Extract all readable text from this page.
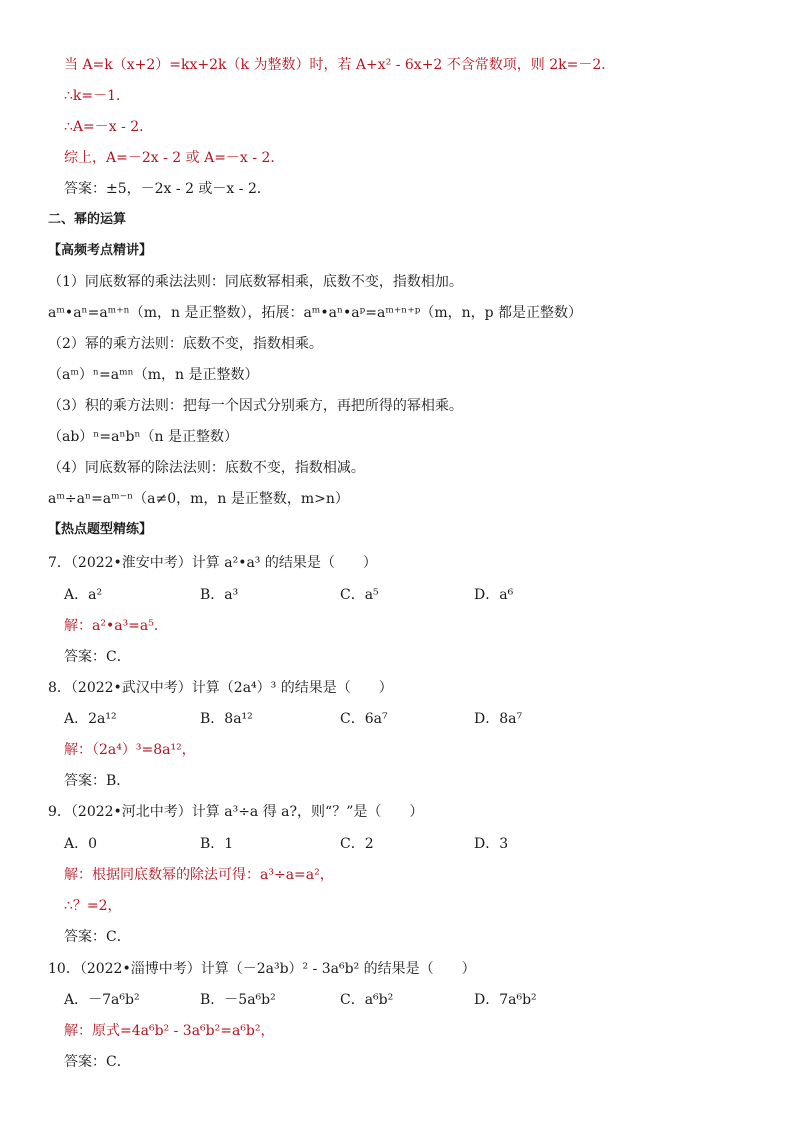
当 A=k（x+2）=kx+2k（k 为整数）时，若 A+x² - 6x+2 不含常数项，则 2k=－2．
∴k=－1．
∴A=－x - 2．
综上，A=－2x - 2 或 A=－x - 2．
答案：±5，－2x - 2 或－x - 2．
二、幂的运算
【高频考点精讲】
（1）同底数幂的乘法法则：同底数幂相乘，底数不变，指数相加。
aᵐ•aⁿ=aᵐ⁺ⁿ（m，n 是正整数），拓展：aᵐ•aⁿ•aᵖ=aᵐ⁺ⁿ⁺ᵖ（m，n，p 都是正整数）
（2）幂的乘方法则：底数不变，指数相乘。
（aᵐ）ⁿ=aᵐⁿ（m，n 是正整数）
（3）积的乘方法则：把每一个因式分别乘方，再把所得的幂相乘。
（ab）ⁿ=aⁿbⁿ（n 是正整数）
（4）同底数幂的除法法则：底数不变，指数相减。
aᵐ÷aⁿ=aᵐ⁻ⁿ（a≠0，m，n 是正整数，m>n）
【热点题型精练】
7．（2022•淮安中考）计算 a²•a³ 的结果是（　　）
A．a²	B．a³	C．a⁵	D．a⁶
解：a²•a³=a⁵．
答案：C．
8．（2022•武汉中考）计算（2a⁴）³ 的结果是（　　）
A．2a¹²	B．8a¹²	C．6a⁷	D．8a⁷
解：（2a⁴）³=8a¹²，
答案：B．
9．（2022•河北中考）计算 a³÷a 得 a?，则“？”是（　　）
A．0	B．1	C．2	D．3
解：根据同底数幂的除法可得：a³÷a=a²，
∴？=2，
答案：C．
10．（2022•淄博中考）计算（－2a³b）² - 3a⁶b² 的结果是（　　）
A．－7a⁶b²	B．－5a⁶b²	C．a⁶b²	D．7a⁶b²
解：原式=4a⁶b² - 3a⁶b²=a⁶b²，
答案：C．
